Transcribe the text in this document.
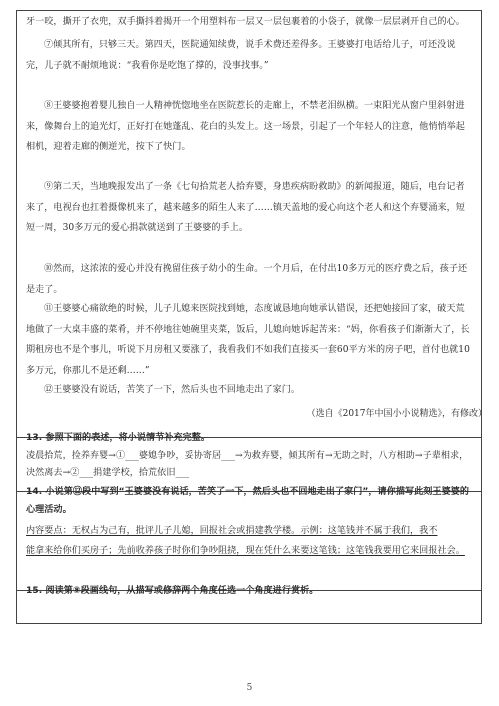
牙一咬，撕开了衣兜，双手撕抖着揭开一个用塑料布一层又一层包裹着的小袋子，就像一层层剥开自己的心。
⑦倾其所有，只够三天。第四天，医院通知续费，说手术费还差得多。王婆婆打电话给儿子，可还没说完，儿子就不耐烦地说：“我看你是吃饱了撑的，没事找事。”
⑧王婆婆抱着婴儿独自一人精神恍惚地坐在医院惹长的走廊上，不禁老泪纵横。一束阳光从窗户里斜射进来，像舞台上的追光灯，正好打在她蓬乱、花白的头发上。这一场景，引起了一个年轻人的注意，他悄悄举起相机，迎着走廊的侧逆光，按下了快门。
⑨第二天，当地晚报发出了一条《七旬拾荒老人拾弃婴，身患疾病盼救助》的新闻报道，随后，电台记者来了，电视台也扛着摄像机来了，越来越多的陌生人来了……镇天盖地的爱心向这个老人和这个弃婴涌来，短短一周，30多万元的爱心捐款就送到了王婆婆的手上。
⑩然而，这浓浓的爱心并没有挽留住孩子幼小的生命。一个月后，在付出10多万元的医疗费之后，孩子还是走了。
⑪王婆婆心痛欲绝的时候，儿子儿媳来医院找到她，态度诚恳地向她承认错误，还把她接回了家，破天荒地做了一大桌丰盛的菜肴，并不停地往她碗里夹菜，饭后，儿媳向她诉起苦来：“妈，你看孩子们渐渐大了，长期租房也不是个事儿，听说下月房租又要涨了，我看我们不如我们直接买一套60平方米的房子吧，首付也就10多万元，你那儿不是还剩……”
⑫王婆婆没有说话，苦笑了一下，然后头也不回地走出了家门。
（选自《2017年中国小小说精选》，有修改）
13. 参照下面的表述，将小说情节补充完整。
凌晨拾荒，捡养弃婴→①___婆媳争吵，妥协寄居___→为救弃婴，倾其所有→无助之时，八方相助→子辈相求，决然离去→②___捐建学校，拾荒依旧___
14. 小说第⑫段中写到“王婆婆没有说话，苦笑了一下，然后头也不回地走出了家门”，请你描写此刻王婆婆的心理活动。
内容要点：无权占为己有，批评儿子儿媳，回报社会或捐建教学楼。示例：这笔钱并不属于我们，我不
能拿来给你们买房子；先前收养孩子时你们争吵阻挠，现在凭什么来要这笔钱；这笔钱我要用它来回报社会。
15. 阅读第⑧段画线句，从描写或修辞两个角度任选一个角度进行赏析。
5
